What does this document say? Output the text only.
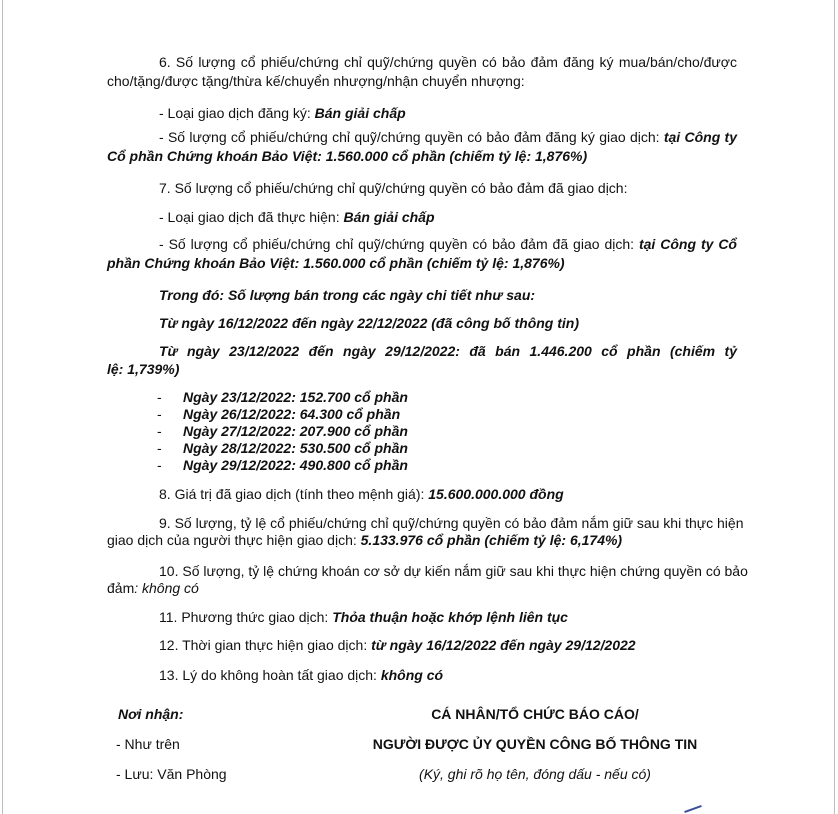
6. Số lượng cổ phiếu/chứng chỉ quỹ/chứng quyền có bảo đảm đăng ký mua/bán/cho/được
cho/tặng/được tặng/thừa kế/chuyển nhượng/nhận chuyển nhượng:
- Loại giao dịch đăng ký: Bán giải chấp
- Số lượng cổ phiếu/chứng chỉ quỹ/chứng quyền có bảo đảm đăng ký giao dịch: tại Công ty
Cổ phần Chứng khoán Bảo Việt: 1.560.000 cổ phần (chiếm tỷ lệ: 1,876%)
7. Số lượng cổ phiếu/chứng chỉ quỹ/chứng quyền có bảo đảm đã giao dịch:
- Loại giao dịch đã thực hiện: Bán giải chấp
- Số lượng cổ phiếu/chứng chỉ quỹ/chứng quyền có bảo đảm đã giao dịch: tại Công ty Cổ
phần Chứng khoán Bảo Việt: 1.560.000 cổ phần (chiếm tỷ lệ: 1,876%)
Trong đó: Số lượng bán trong các ngày chi tiết như sau:
Từ ngày 16/12/2022 đến ngày 22/12/2022 (đã công bố thông tin)
Từ ngày 23/12/2022 đến ngày 29/12/2022: đã bán 1.446.200 cổ phần (chiếm tỷ
lệ: 1,739%)
- Ngày 23/12/2022: 152.700 cổ phần
- Ngày 26/12/2022: 64.300 cổ phần
- Ngày 27/12/2022: 207.900 cổ phần
- Ngày 28/12/2022: 530.500 cổ phần
- Ngày 29/12/2022: 490.800 cổ phần
8. Giá trị đã giao dịch (tính theo mệnh giá): 15.600.000.000 đồng
9. Số lượng, tỷ lệ cổ phiếu/chứng chỉ quỹ/chứng quyền có bảo đảm nắm giữ sau khi thực hiện
giao dịch của người thực hiện giao dịch: 5.133.976 cổ phần (chiếm tỷ lệ: 6,174%)
10. Số lượng, tỷ lệ chứng khoán cơ sở dự kiến nắm giữ sau khi thực hiện chứng quyền có bảo
đảm: không có
11. Phương thức giao dịch: Thỏa thuận hoặc khớp lệnh liên tục
12. Thời gian thực hiện giao dịch: từ ngày 16/12/2022 đến ngày 29/12/2022
13. Lý do không hoàn tất giao dịch: không có
Nơi nhận:
- Như trên
- Lưu: Văn Phòng
CÁ NHÂN/TỔ CHỨC BÁO CÁO/
NGƯỜI ĐƯỢC ỦY QUYỀN CÔNG BỐ THÔNG TIN
(Ký, ghi rõ họ tên, đóng dấu - nếu có)
